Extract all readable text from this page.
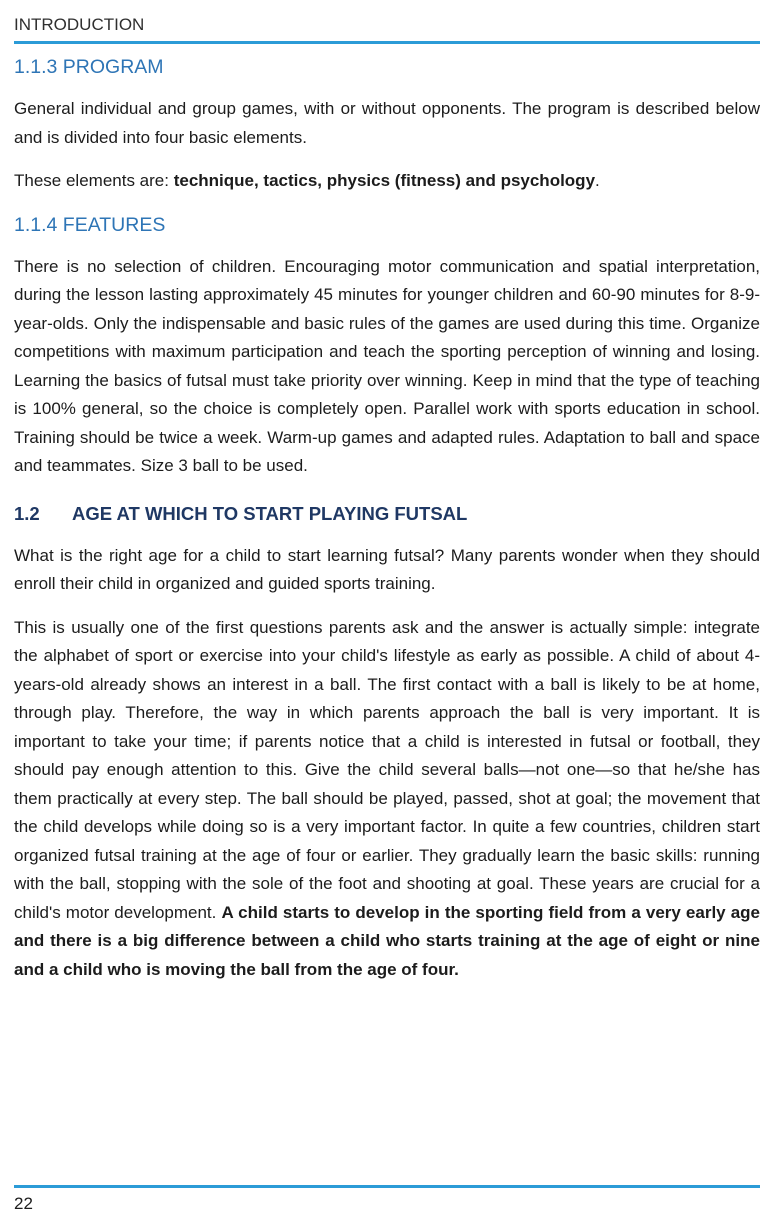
INTRODUCTION
1.1.3 PROGRAM

General individual and group games, with or without opponents. The program is described below and is divided into four basic elements.

These elements are: technique, tactics, physics (fitness) and psychology.

1.1.4 FEATURES

There is no selection of children. Encouraging motor communication and spatial interpretation, during the lesson lasting approximately 45 minutes for younger children and 60-90 minutes for 8-9-year-olds. Only the indispensable and basic rules of the games are used during this time. Organize competitions with maximum participation and teach the sporting perception of winning and losing. Learning the basics of futsal must take priority over winning. Keep in mind that the type of teaching is 100% general, so the choice is completely open. Parallel work with sports education in school. Training should be twice a week. Warm-up games and adapted rules. Adaptation to ball and space and teammates. Size 3 ball to be used.

1.2 AGE AT WHICH TO START PLAYING FUTSAL

What is the right age for a child to start learning futsal? Many parents wonder when they should enroll their child in organized and guided sports training.

This is usually one of the first questions parents ask and the answer is actually simple: integrate the alphabet of sport or exercise into your child's lifestyle as early as possible. A child of about 4-years-old already shows an interest in a ball. The first contact with a ball is likely to be at home, through play. Therefore, the way in which parents approach the ball is very important. It is important to take your time; if parents notice that a child is interested in futsal or football, they should pay enough attention to this. Give the child several balls—not one—so that he/she has them practically at every step. The ball should be played, passed, shot at goal; the movement that the child develops while doing so is a very important factor. In quite a few countries, children start organized futsal training at the age of four or earlier. They gradually learn the basic skills: running with the ball, stopping with the sole of the foot and shooting at goal. These years are crucial for a child's motor development. A child starts to develop in the sporting field from a very early age and there is a big difference between a child who starts training at the age of eight or nine and a child who is moving the ball from the age of four.

22
